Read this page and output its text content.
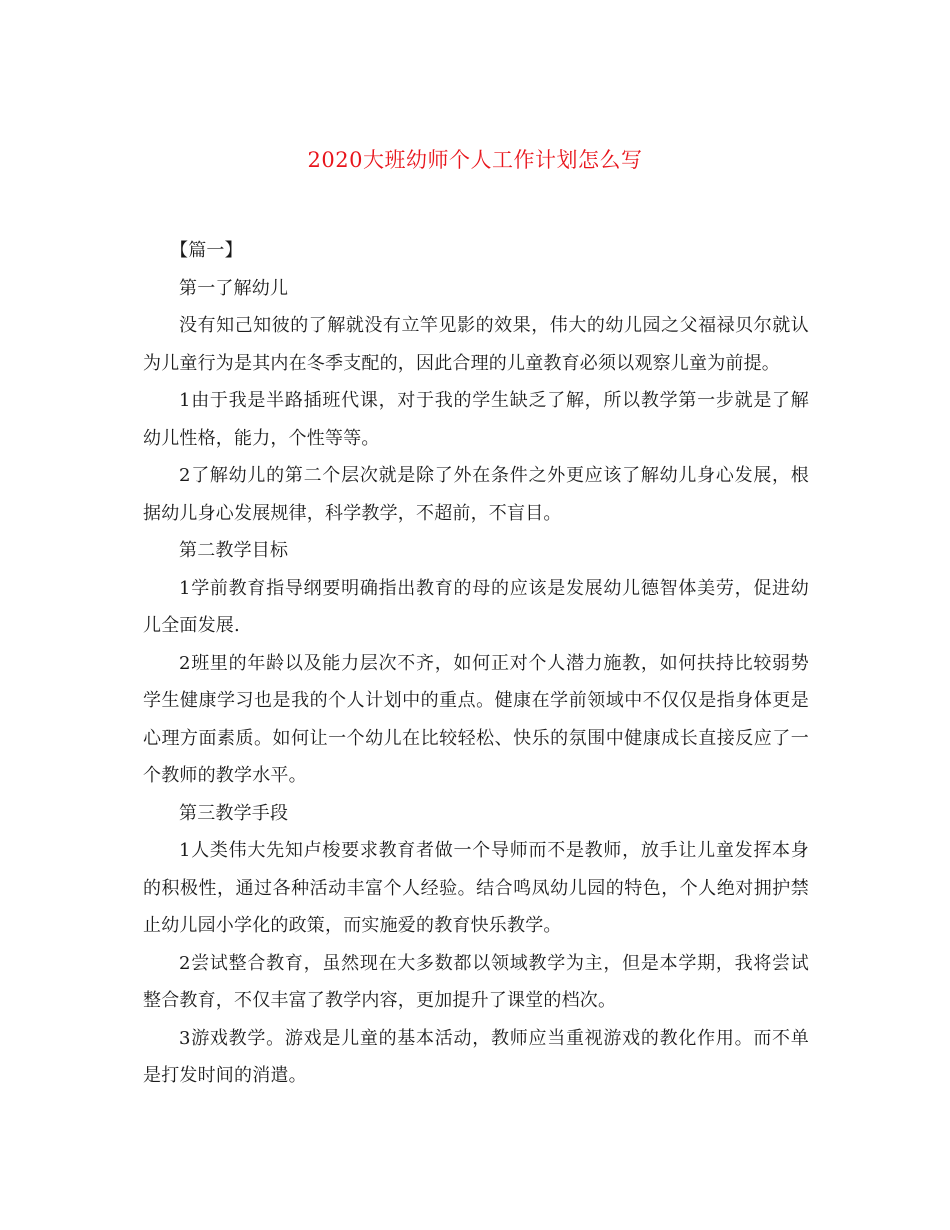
2020大班幼师个人工作计划怎么写

【篇一】

第一了解幼儿

没有知己知彼的了解就没有立竿见影的效果，伟大的幼儿园之父福禄贝尔就认为儿童行为是其内在冬季支配的，因此合理的儿童教育必须以观察儿童为前提。

1由于我是半路插班代课，对于我的学生缺乏了解，所以教学第一步就是了解幼儿性格，能力，个性等等。

2了解幼儿的第二个层次就是除了外在条件之外更应该了解幼儿身心发展，根据幼儿身心发展规律，科学教学，不超前，不盲目。

第二教学目标

1学前教育指导纲要明确指出教育的母的应该是发展幼儿德智体美劳，促进幼儿全面发展.

2班里的年龄以及能力层次不齐，如何正对个人潜力施教，如何扶持比较弱势学生健康学习也是我的个人计划中的重点。健康在学前领域中不仅仅是指身体更是心理方面素质。如何让一个幼儿在比较轻松、快乐的氛围中健康成长直接反应了一个教师的教学水平。

第三教学手段

1人类伟大先知卢梭要求教育者做一个导师而不是教师，放手让儿童发挥本身的积极性，通过各种活动丰富个人经验。结合鸣凤幼儿园的特色，个人绝对拥护禁止幼儿园小学化的政策，而实施爱的教育快乐教学。

2尝试整合教育，虽然现在大多数都以领域教学为主，但是本学期，我将尝试整合教育，不仅丰富了教学内容，更加提升了课堂的档次。

3游戏教学。游戏是儿童的基本活动，教师应当重视游戏的教化作用。而不单是打发时间的消遣。
